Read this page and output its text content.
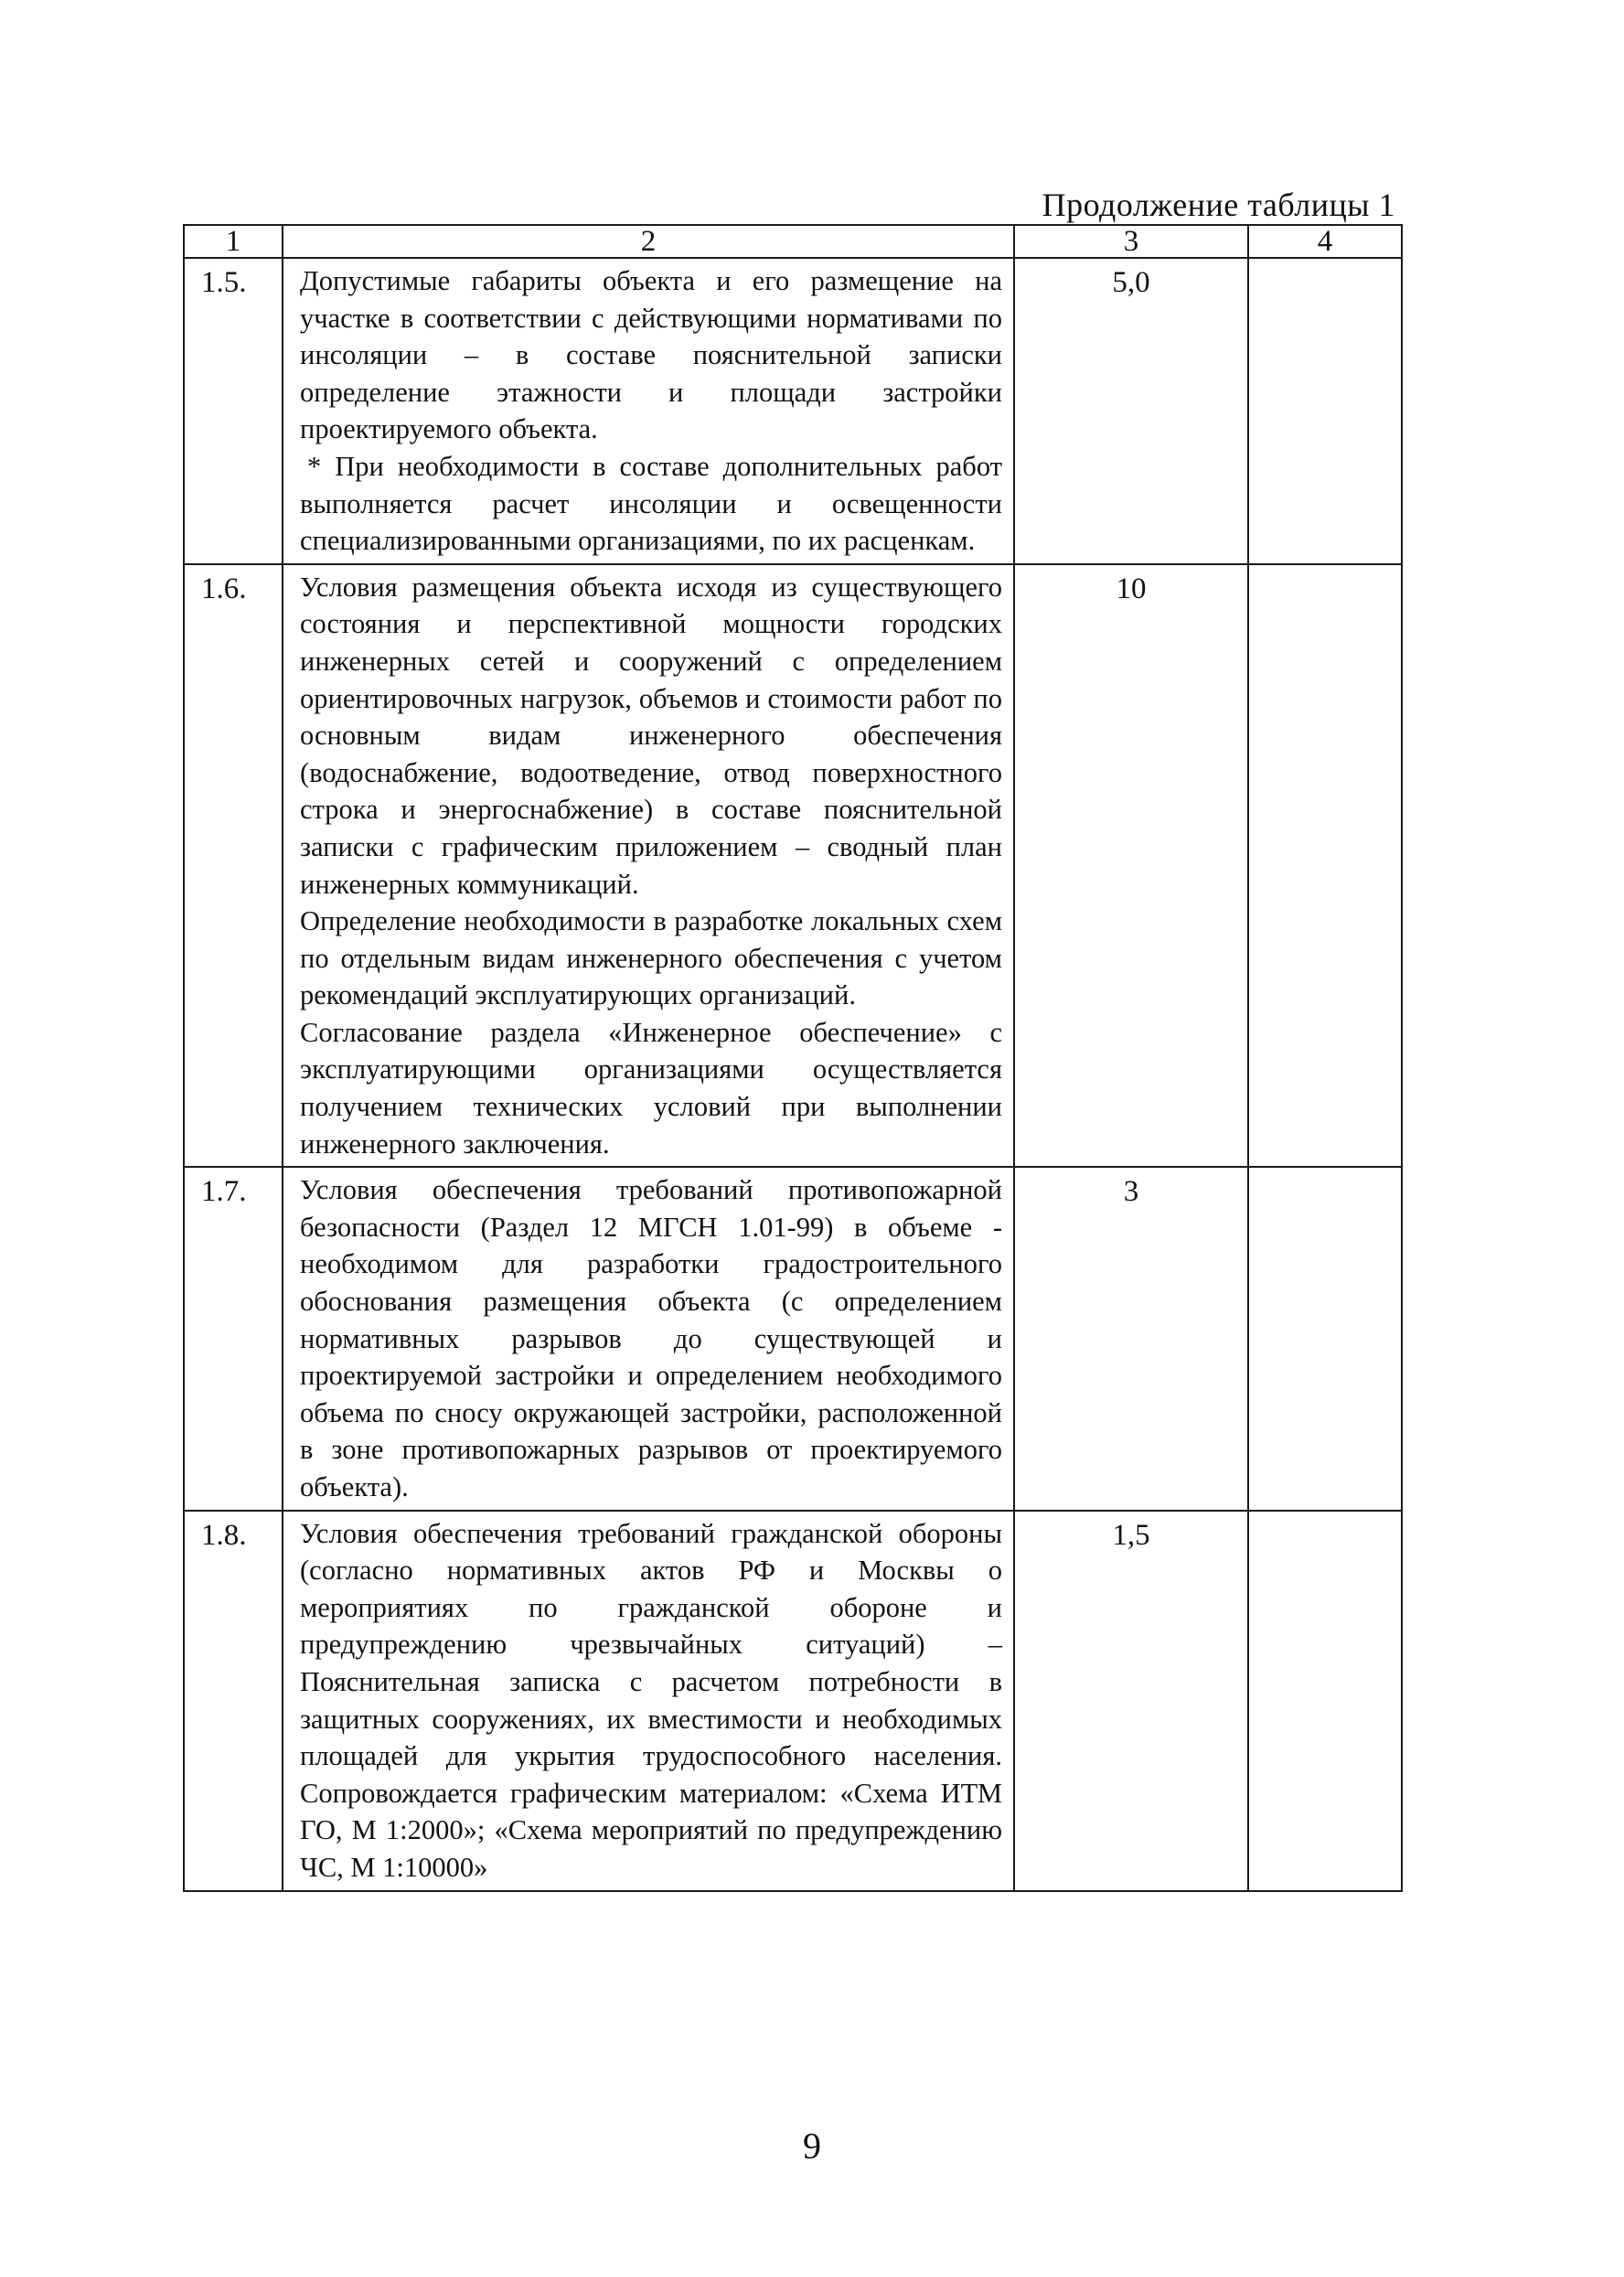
Продолжение таблицы 1
1	2	3	4
1.5.	Допустимые габариты объекта и его размещение на участке в соответствии с действующими нормативами по инсоляции – в составе пояснительной записки определение этажности и площади застройки проектируемого объекта.

* При необходимости в составе дополнительных работ выполняется расчет инсоляции и освещенности специализированными организациями, по их расценкам.	5,0	
1.6.	Условия размещения объекта исходя из существующего состояния и перспективной мощности городских инженерных сетей и сооружений с определением ориентировочных нагрузок, объемов и стоимости работ по основным видам инженерного обеспечения (водоснабжение, водоотведение, отвод поверхностного строка и энергоснабжение) в составе пояснительной записки с графическим приложением – сводный план инженерных коммуникаций.

Определение необходимости в разработке локальных схем по отдельным видам инженерного обеспечения с учетом рекомендаций эксплуатирующих организаций.

Согласование раздела «Инженерное обеспечение» с эксплуатирующими организациями осуществляется получением технических условий при выполнении инженерного заключения.	10	
1.7.	Условия обеспечения требований противопожарной безопасности (Раздел 12 МГСН 1.01-99) в объеме - необходимом для разработки градостроительного обоснования размещения объекта (с определением нормативных разрывов до существующей и проектируемой застройки и определением необходимого объема по сносу окружающей застройки, расположенной в зоне противопожарных разрывов от проектируемого объекта).	3	
1.8.	Условия обеспечения требований гражданской обороны (согласно нормативных актов РФ и Москвы о мероприятиях по гражданской обороне и предупреждению чрезвычайных ситуаций) – Пояснительная записка с расчетом потребности в защитных сооружениях, их вместимости и необходимых площадей для укрытия трудоспособного населения. Сопровождается графическим материалом: «Схема ИТМ ГО, М 1:2000»; «Схема мероприятий по предупреждению ЧС, М 1:10000»	1,5	
9
